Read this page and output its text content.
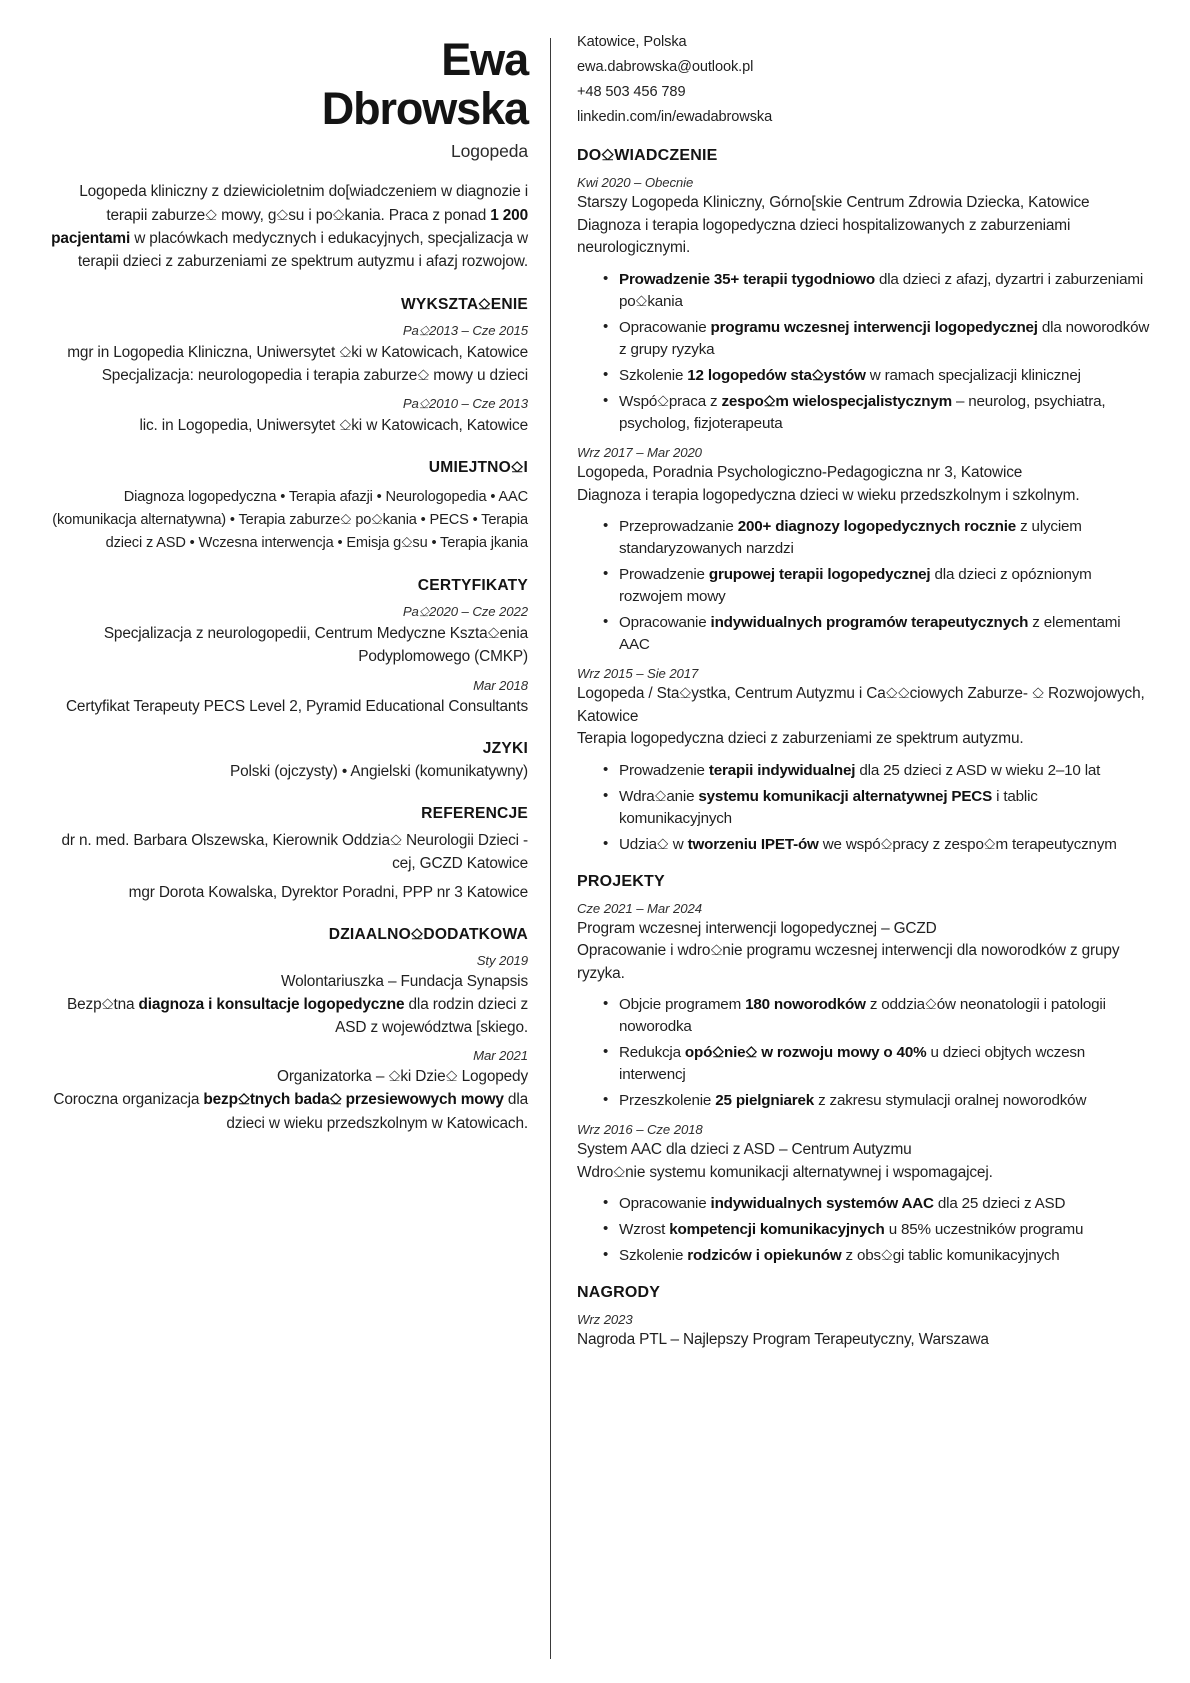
Ewa
Dbrowska
Logopeda
Logopeda kliniczny z dziewicioletnim do[wiadczeniem w diagnozie i terapii zaburze⎐ mowy, g⎐su i po⎐kania. Praca z ponad 1 200 pacjentami w placówkach medycznych i edukacyjnych, specjalizacja w terapii dzieci z zaburzeniami ze spektrum autyzmu i afazj rozwojow.
WYKSZTA⎐ENIE
Pa⎐2013 – Cze 2015
mgr in Logopedia Kliniczna, Uniwersytet ⎐ki w Katowicach, Katowice
Specjalizacja: neurologopedia i terapia zaburze⎐ mowy u dzieci
Pa⎐2010 – Cze 2013
lic. in Logopedia, Uniwersytet ⎐ki w Katowicach, Katowice
UMIEJTNO⎐I
Diagnoza logopedyczna • Terapia afazji • Neurologopedia • AAC (komunikacja alternatywna) • Terapia zaburze⎐ po⎐kania • PECS • Terapia dzieci z ASD • Wczesna interwencja • Emisja g⎐su • Terapia jkania
CERTYFIKATY
Pa⎐2020 – Cze 2022
Specjalizacja z neurologopedii, Centrum Medyczne Kszta⎐enia Podyplomowego (CMKP)
Mar 2018
Certyfikat Terapeuty PECS Level 2, Pyramid Educational Consultants
JZYKI
Polski (ojczysty) • Angielski (komunikatywny)
REFERENCJE
dr n. med. Barbara Olszewska, Kierownik Oddzia⎐ Neurologii Dzieci - cej, GCZD Katowice
mgr Dorota Kowalska, Dyrektor Poradni, PPP nr 3 Katowice
DZIAALNO⎐DODATKOWA
Sty 2019
Wolontariuszka – Fundacja Synapsis
Bezp⎐tna diagnoza i konsultacje logopedyczne dla rodzin dzieci z ASD z województwa [skiego.
Mar 2021
Organizatorka – ⎐ki Dzie⎐ Logopedy
Coroczna organizacja bezp⎐tnych bada⎐ przesiewowych mowy dla dzieci w wieku przedszkolnym w Katowicach.
Katowice, Polska
ewa.dabrowska@outlook.pl
+48 503 456 789
linkedin.com/in/ewadabrowska
DO⎐WIADCZENIE
Kwi 2020 – Obecnie
Starszy Logopeda Kliniczny, Górno[skie Centrum Zdrowia Dziecka, Katowice
Diagnoza i terapia logopedyczna dzieci hospitalizowanych z zaburzeniami neurologicznymi.
• Prowadzenie 35+ terapii tygodniowo dla dzieci z afazj, dyzartri i zaburzeniami po⎐kania
• Opracowanie programu wczesnej interwencji logopedycznej dla noworodków z grupy ryzyka
• Szkolenie 12 logopedów sta⎐ystów w ramach specjalizacji klinicznej
• Wspó⎐praca z zespo⎐m wielospecjalistycznym – neurolog, psychiatra, psycholog, fizjoterapeuta
Wrz 2017 – Mar 2020
Logopeda, Poradnia Psychologiczno-Pedagogiczna nr 3, Katowice
Diagnoza i terapia logopedyczna dzieci w wieku przedszkolnym i szkolnym.
• Przeprowadzanie 200+ diagnozy logopedycznych rocznie z ulyciem standaryzowanych narzdzi
• Prowadzenie grupowej terapii logopedycznej dla dzieci z opóznionym rozwojem mowy
• Opracowanie indywidualnych programów terapeutycznych z elementami AAC
Wrz 2015 – Sie 2017
Logopeda / Sta⎐ystka, Centrum Autyzmu i Ca⎐⎐ciowych Zaburze- ⎐ Rozwojowych, Katowice
Terapia logopedyczna dzieci z zaburzeniami ze spektrum autyzmu.
• Prowadzenie terapii indywidualnej dla 25 dzieci z ASD w wieku 2–10 lat
• Wdra⎐anie systemu komunikacji alternatywnej PECS i tablic komunikacyjnych
• Udzia⎐ w tworzeniu IPET-ów we wspó⎐pracy z zespo⎐m terapeutycznym
PROJEKTY
Cze 2021 – Mar 2024
Program wczesnej interwencji logopedycznej – GCZD
Opracowanie i wdro⎐nie programu wczesnej interwencji dla noworodków z grupy ryzyka.
• Objcie programem 180 noworodków z oddzia⎐ów neonatologii i patologii noworodka
• Redukcja opó⎐nie⎐ w rozwoju mowy o 40% u dzieci objtych wczesn interwencj
• Przeszkolenie 25 pielgniarek z zakresu stymulacji oralnej noworodków
Wrz 2016 – Cze 2018
System AAC dla dzieci z ASD – Centrum Autyzmu
Wdro⎐nie systemu komunikacji alternatywnej i wspomagajcej.
• Opracowanie indywidualnych systemów AAC dla 25 dzieci z ASD
• Wzrost kompetencji komunikacyjnych u 85% uczestników programu
• Szkolenie rodziców i opiekunów z obs⎐gi tablic komunikacyjnych
NAGRODY
Wrz 2023
Nagroda PTL – Najlepszy Program Terapeutyczny, Warszawa
